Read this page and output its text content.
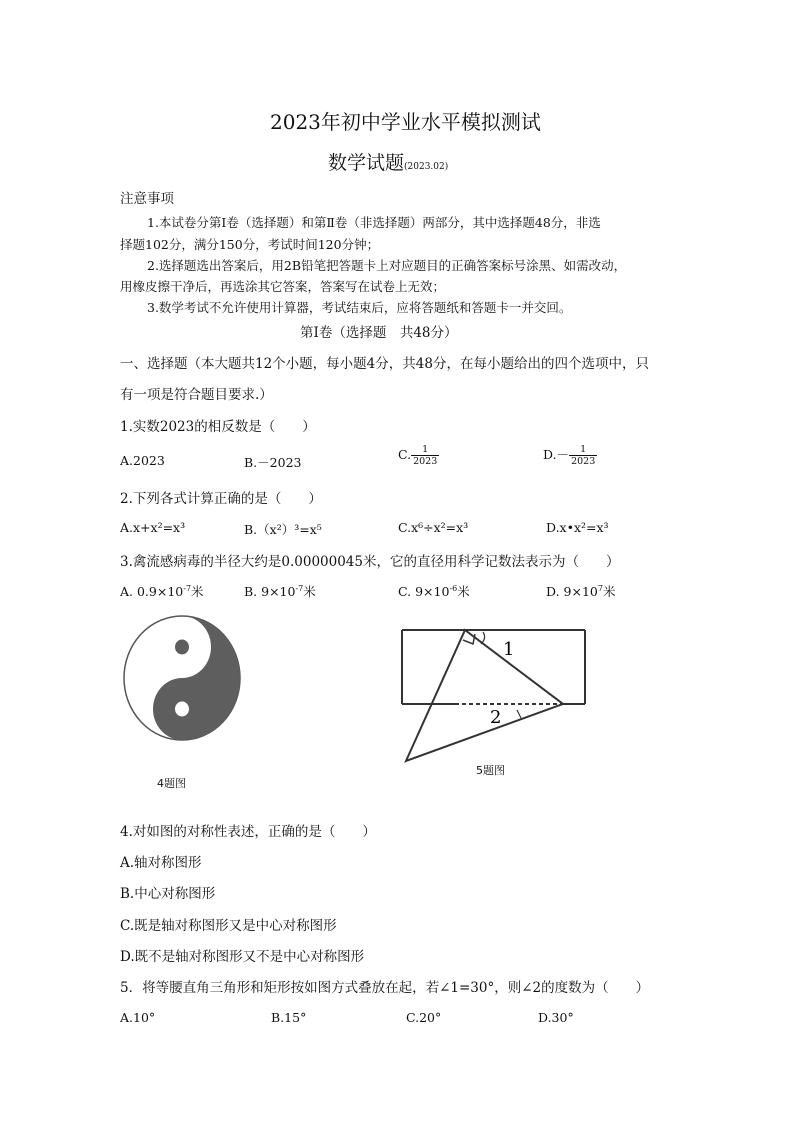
2023年初中学业水平模拟测试
数学试题(2023.02)
注意事项
1.本试卷分第Ⅰ卷（选择题）和第Ⅱ卷（非选择题）两部分，其中选择题48分，非选
择题102分，满分150分，考试时间120分钟；
2.选择题选出答案后，用2B铅笔把答题卡上对应题目的正确答案标号涂黑、如需改动，
用橡皮擦干净后，再选涂其它答案，答案写在试卷上无效；
3.数学考试不允许使用计算器，考试结束后，应将答题纸和答题卡一并交回。
第Ⅰ卷（选择题　共48分）
一、选择题（本大题共12个小题，每小题4分，共48分，在每小题给出的四个选项中，只
有一项是符合题目要求.）
1.实数2023的相反数是（　　）
A.2023	B.－2023
C. $\frac{1}{2023}$	$D.- \frac{1}{2023}$
2.下列各式计算正确的是（　　）
A.x+x²=x³	B.（x²）³=x⁵	C.x⁶÷x²=x³	D.x•x²=x³
3.禽流感病毒的半径大约是0.00000045米，它的直径用科学记数法表示为（　　）
A. $0.9\times 10^{-7}$米	B. $9\times 10^{-7}$米	C. $9\times 10^{-6}$米	D. $9\times 10^7$米
4题图
1
2
5题图
4.对如图的对称性表述，正确的是（　　）
A.轴对称图形
B.中心对称图形
C.既是轴对称图形又是中心对称图形
D.既不是轴对称图形又不是中心对称图形
5．将等腰直角三角形和矩形按如图方式叠放在起，若∠1=30°，则∠2的度数为（　　）
A.10°	B.15°	C.20°	D.30°
